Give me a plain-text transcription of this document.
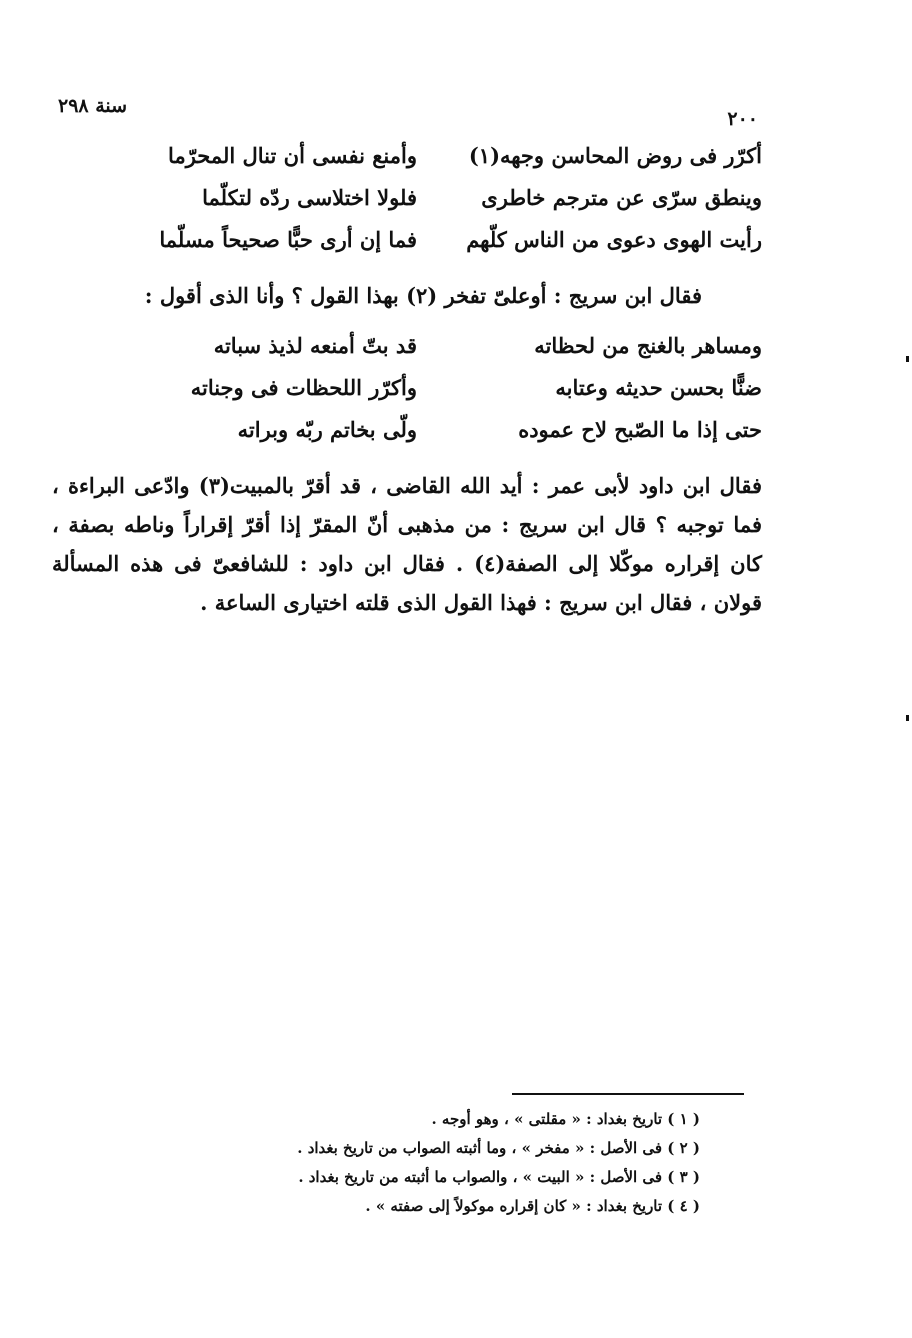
٢٠٠
سنة ٢٩٨
أكرّر فى روض المحاسن وجهه(١)
وأمنع نفسى أن تنال المحرّما
وينطق سرّى عن مترجم خاطرى
فلولا اختلاسى ردّه لتكلّما
رأيت الهوى دعوى من الناس كلّهم
فما إن أرى حبًّا صحيحاً مسلّما
فقال ابن سريج : أوعلىّ تفخر (٢) بهذا القول ؟ وأنا الذى أقول :
ومساهر بالغنج من لحظاته
قد بتّ أمنعه لذيذ سباته
ضنًّا بحسن حديثه وعتابه
وأكرّر اللحظات فى وجناته
حتى إذا ما الصّبح لاح عموده
ولّى بخاتم ربّه وبراته
فقال ابن داود لأبى عمر : أيد الله القاضى ، قد أقرّ بالمبيت(٣) وادّعى البراءة ، فما توجبه ؟ قال ابن سريج : من مذهبى أنّ المقرّ إذا أقرّ إقراراً وناطه بصفة ، كان إقراره موكّلا إلى الصفة(٤) . فقال ابن داود : للشافعىّ فى هذه المسألة قولان ، فقال ابن سريج : فهذا القول الذى قلته اختيارى الساعة .
( ١ ) تاريخ بغداد : « مقلتى » ، وهو أوجه .
( ٢ ) فى الأصل : « مفخر » ، وما أثبته الصواب من تاريخ بغداد .
( ٣ ) فى الأصل : « البيت » ، والصواب ما أثبته من تاريخ بغداد .
( ٤ ) تاريخ بغداد : « كان إقراره موكولاً إلى صفته » .
